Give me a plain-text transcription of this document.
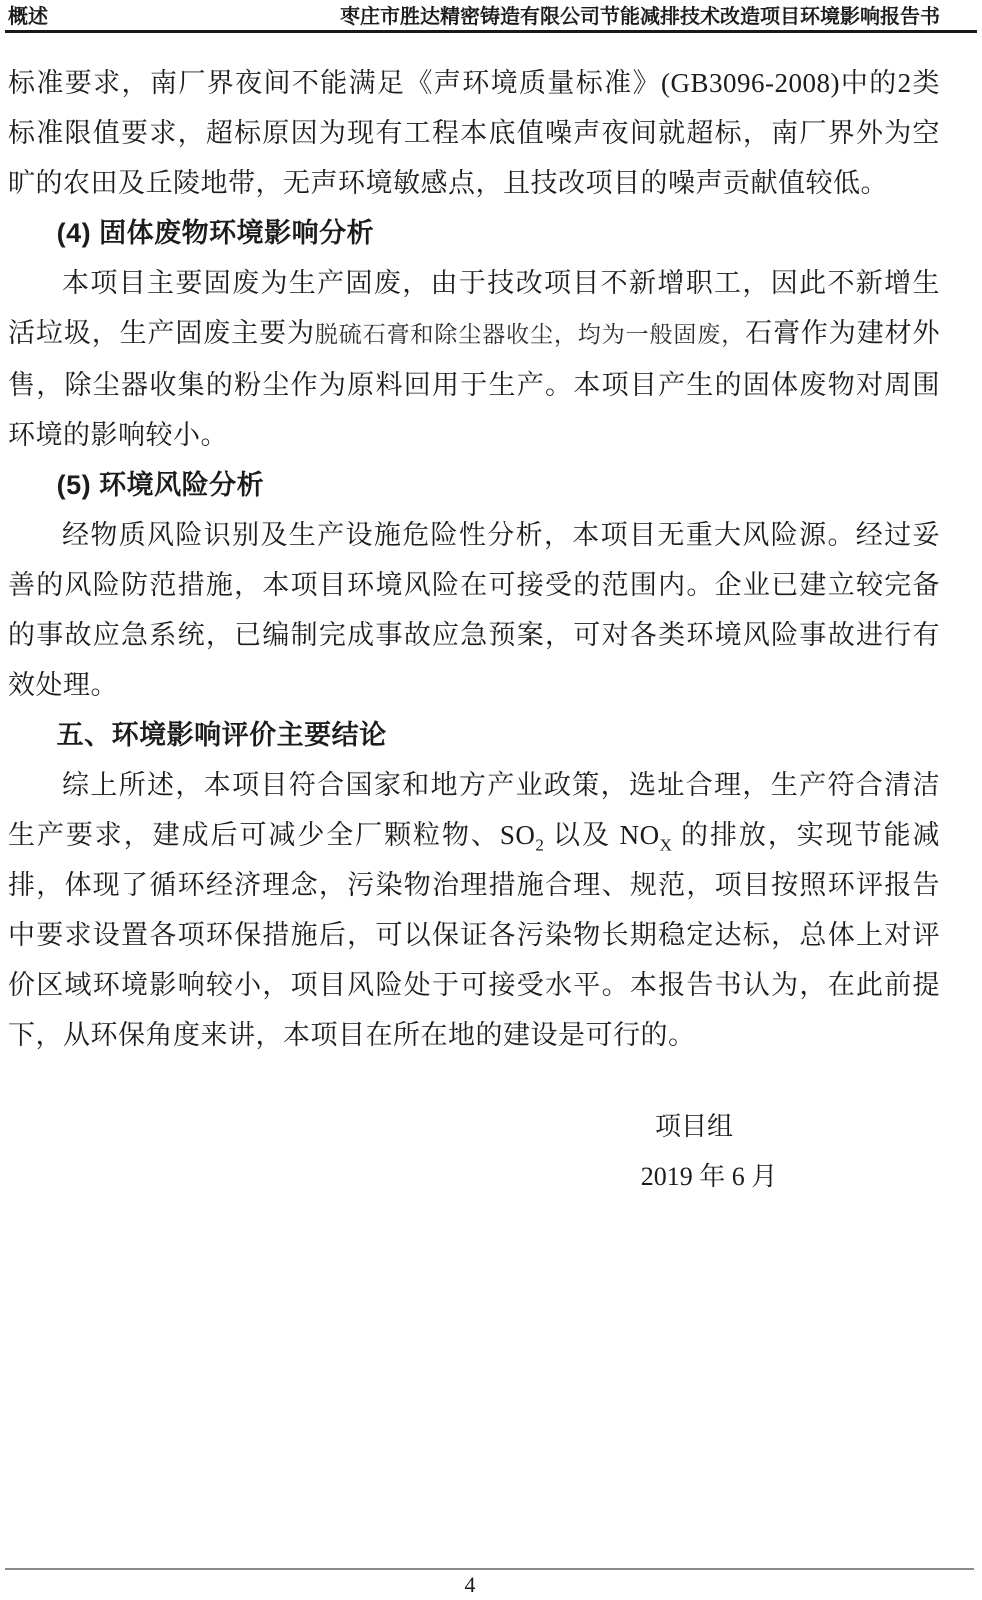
概述	枣庄市胜达精密铸造有限公司节能减排技术改造项目环境影响报告书

标准要求，南厂界夜间不能满足《声环境质量标准》(GB3096-2008)中的2类标准限值要求，超标原因为现有工程本底值噪声夜间就超标，南厂界外为空旷的农田及丘陵地带，无声环境敏感点，且技改项目的噪声贡献值较低。

(4) 固体废物环境影响分析

本项目主要固废为生产固废，由于技改项目不新增职工，因此不新增生活垃圾，生产固废主要为脱硫石膏和除尘器收尘，均为一般固废，石膏作为建材外售，除尘器收集的粉尘作为原料回用于生产。本项目产生的固体废物对周围环境的影响较小。

(5) 环境风险分析

经物质风险识别及生产设施危险性分析，本项目无重大风险源。经过妥善的风险防范措施，本项目环境风险在可接受的范围内。企业已建立较完备的事故应急系统，已编制完成事故应急预案，可对各类环境风险事故进行有效处理。

五、环境影响评价主要结论

综上所述，本项目符合国家和地方产业政策，选址合理，生产符合清洁生产要求，建成后可减少全厂颗粒物、$SO_2$ 以及 $NO_X$ 的排放，实现节能减排，体现了循环经济理念，污染物治理措施合理、规范，项目按照环评报告中要求设置各项环保措施后，可以保证各污染物长期稳定达标，总体上对评价区域环境影响较小，项目风险处于可接受水平。本报告书认为，在此前提下，从环保角度来讲，本项目在所在地的建设是可行的。

项目组
2019 年 6 月
4
